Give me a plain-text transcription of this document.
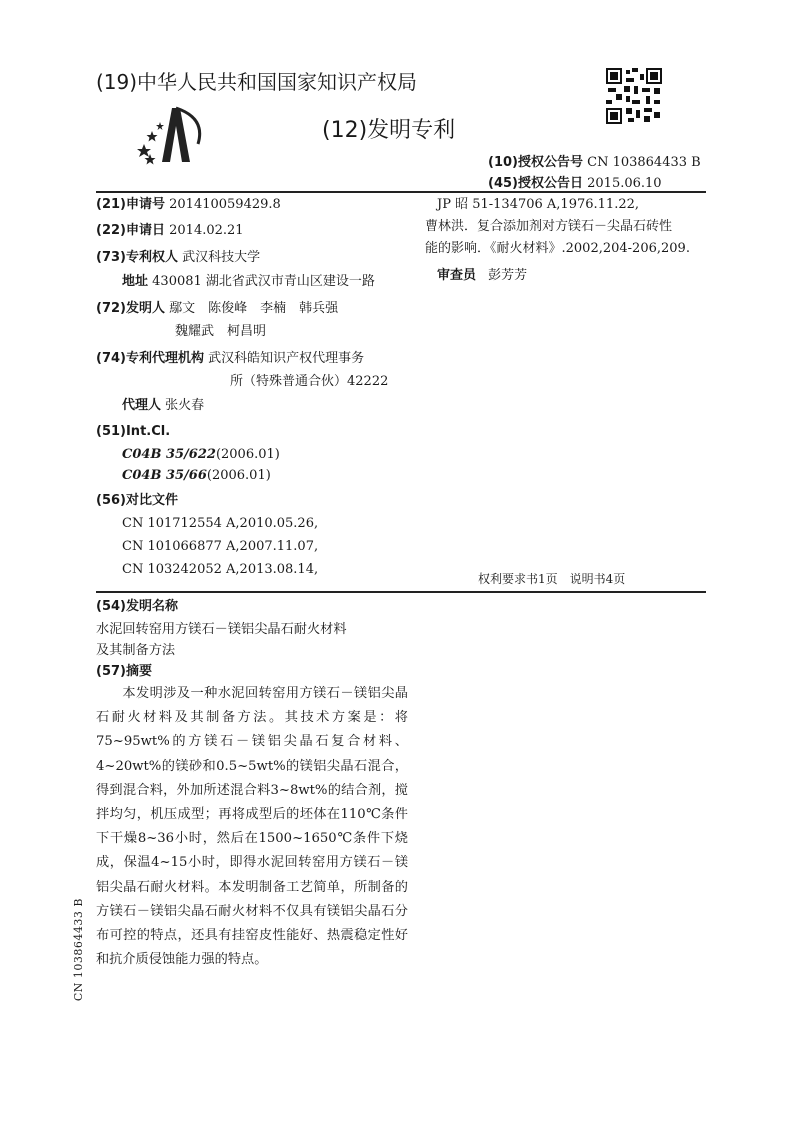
(19)中华人民共和国国家知识产权局
(12)发明专利
(10)授权公告号 CN 103864433 B
(45)授权公告日 2015.06.10
(21)申请号 201410059429.8
(22)申请日 2014.02.21
(73)专利权人 武汉科技大学
地址 430081 湖北省武汉市青山区建设一路
(72)发明人 鄢文　陈俊峰　李楠　韩兵强
魏耀武　柯昌明
(74)专利代理机构 武汉科皓知识产权代理事务
所（特殊普通合伙）42222
代理人 张火春
(51)Int.Cl.
C04B 35/622(2006.01)
C04B 35/66(2006.01)
(56)对比文件
CN 101712554 A,2010.05.26,
CN 101066877 A,2007.11.07,
CN 103242052 A,2013.08.14,
JP 昭 51-134706 A,1976.11.22,
曹林洪．复合添加剂对方镁石－尖晶石砖性
能的影响．《耐火材料》.2002,204-206,209.
审查员 彭芳芳
权利要求书1页　说明书4页
(54)发明名称
水泥回转窑用方镁石－镁铝尖晶石耐火材料
及其制备方法
(57)摘要
本发明涉及一种水泥回转窑用方镁石－镁铝尖晶石耐火材料及其制备方法。其技术方案是：将75~95wt%的方镁石－镁铝尖晶石复合材料、4~20wt%的镁砂和0.5~5wt%的镁铝尖晶石混合，得到混合料，外加所述混合料3~8wt%的结合剂，搅拌均匀，机压成型；再将成型后的坯体在110℃条件下干燥8~36小时，然后在1500~1650℃条件下烧成，保温4~15小时，即得水泥回转窑用方镁石－镁铝尖晶石耐火材料。本发明制备工艺简单，所制备的方镁石－镁铝尖晶石耐火材料不仅具有镁铝尖晶石分布可控的特点，还具有挂窑皮性能好、热震稳定性好和抗介质侵蚀能力强的特点。
CN 103864433 B
